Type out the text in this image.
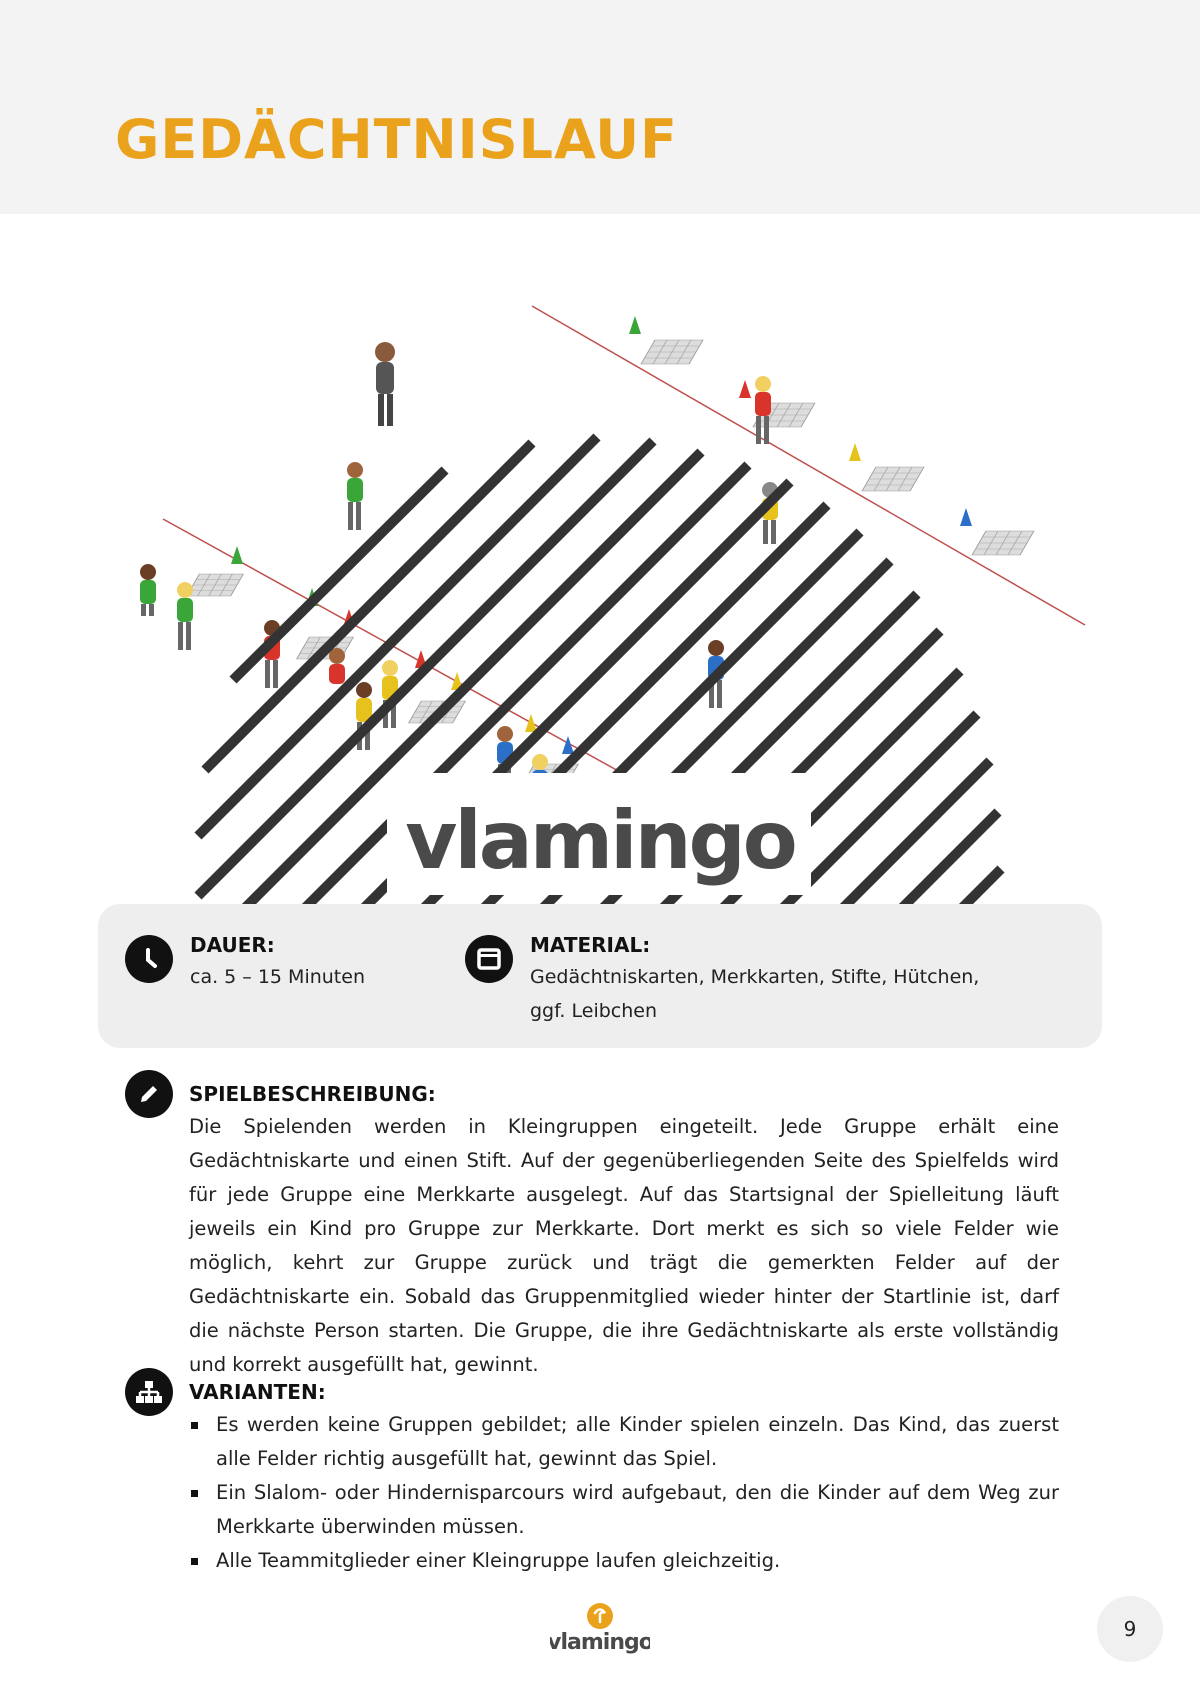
GEDÄCHTNISLAUF
vlamingo
DAUER:
ca. 5 – 15 Minuten
MATERIAL:
Gedächtniskarten, Merkkarten, Stifte, Hütchen, ggf. Leibchen
SPIELBESCHREIBUNG:

Die Spielenden werden in Kleingruppen eingeteilt. Jede Gruppe erhält eine Gedächtniskarte und einen Stift. Auf der gegenüberliegenden Seite des Spielfelds wird für jede Gruppe eine Merkkarte ausgelegt. Auf das Startsignal der Spielleitung läuft jeweils ein Kind pro Gruppe zur Merkkarte. Dort merkt es sich so viele Felder wie möglich, kehrt zur Gruppe zurück und trägt die gemerkten Felder auf der Gedächtniskarte ein. Sobald das Gruppenmitglied wieder hinter der Startlinie ist, darf die nächste Person starten. Die Gruppe, die ihre Gedächtniskarte als erste vollständig und korrekt ausgefüllt hat, gewinnt.

VARIANTEN:
Es werden keine Gruppen gebildet; alle Kinder spielen einzeln. Das Kind, das zuerst alle Felder richtig ausgefüllt hat, gewinnt das Spiel.
Ein Slalom- oder Hindernisparcours wird aufgebaut, den die Kinder auf dem Weg zur Merkkarte überwinden müssen.
Alle Teammitglieder einer Kleingruppe laufen gleichzeitig.
vlamingo
9
